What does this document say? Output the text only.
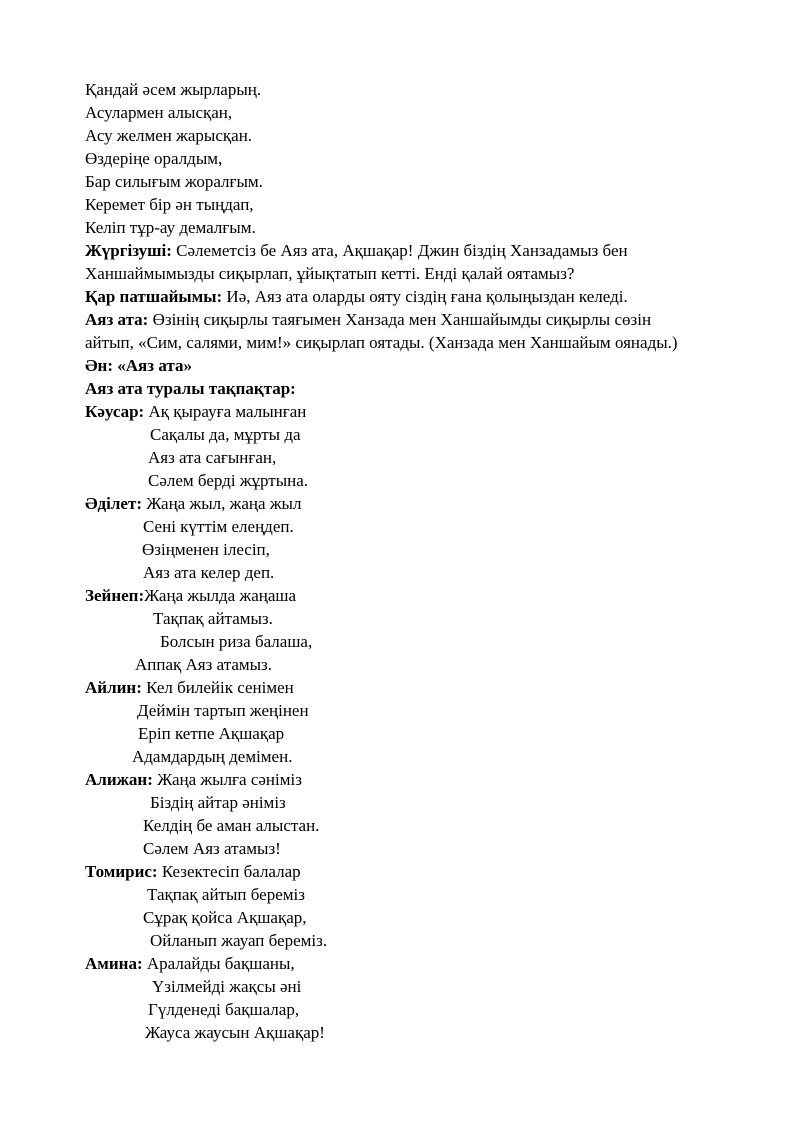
Қандай әсем жырларың.
Асулармен алысқан,
Асу желмен жарысқан.
Өздеріңе оралдым,
Бар силығым жоралғым.
Керемет бір ән тыңдап,
Келіп тұр-ау демалғым.
Жүргізуші: Сәлеметсіз бе Аяз ата, Ақшақар! Джин біздің Ханзадамыз бен
Ханшаймымызды сиқырлап, ұйықтатып кетті. Енді қалай оятамыз?
Қар патшайымы: Иә, Аяз ата оларды ояту сіздің ғана қолыңыздан келеді.
Аяз ата: Өзінің сиқырлы таяғымен Ханзада мен Ханшайымды сиқырлы сөзін
айтып, «Сим, салями, мим!» сиқырлап оятады. (Ханзада мен Ханшайым оянады.)
Ән: «Аяз ата»
Аяз ата туралы тақпақтар:
Кәусар: Ақ қырауға малынған
Сақалы да, мұрты да
Аяз ата сағынған,
Сәлем берді жұртына.
Әділет: Жаңа жыл, жаңа жыл
Сені күттім елеңдеп.
Өзіңменен ілесіп,
Аяз ата келер деп.
Зейнеп:Жаңа жылда жаңаша
Тақпақ айтамыз.
Болсын риза балаша,
Аппақ Аяз атамыз.
Айлин: Кел билейік сенімен
Деймін тартып жеңінен
Еріп кетпе Ақшақар
Адамдардың демімен.
Алижан: Жаңа жылға сәніміз
Біздің айтар әніміз
Келдің бе аман алыстан.
Сәлем Аяз атамыз!
Томирис: Кезектесіп балалар
Тақпақ айтып береміз
Сұрақ қойса Ақшақар,
Ойланып жауап береміз.
Амина: Аралайды бақшаны,
Үзілмейді жақсы әні
Гүлденеді бақшалар,
Жауса жаусын Ақшақар!
